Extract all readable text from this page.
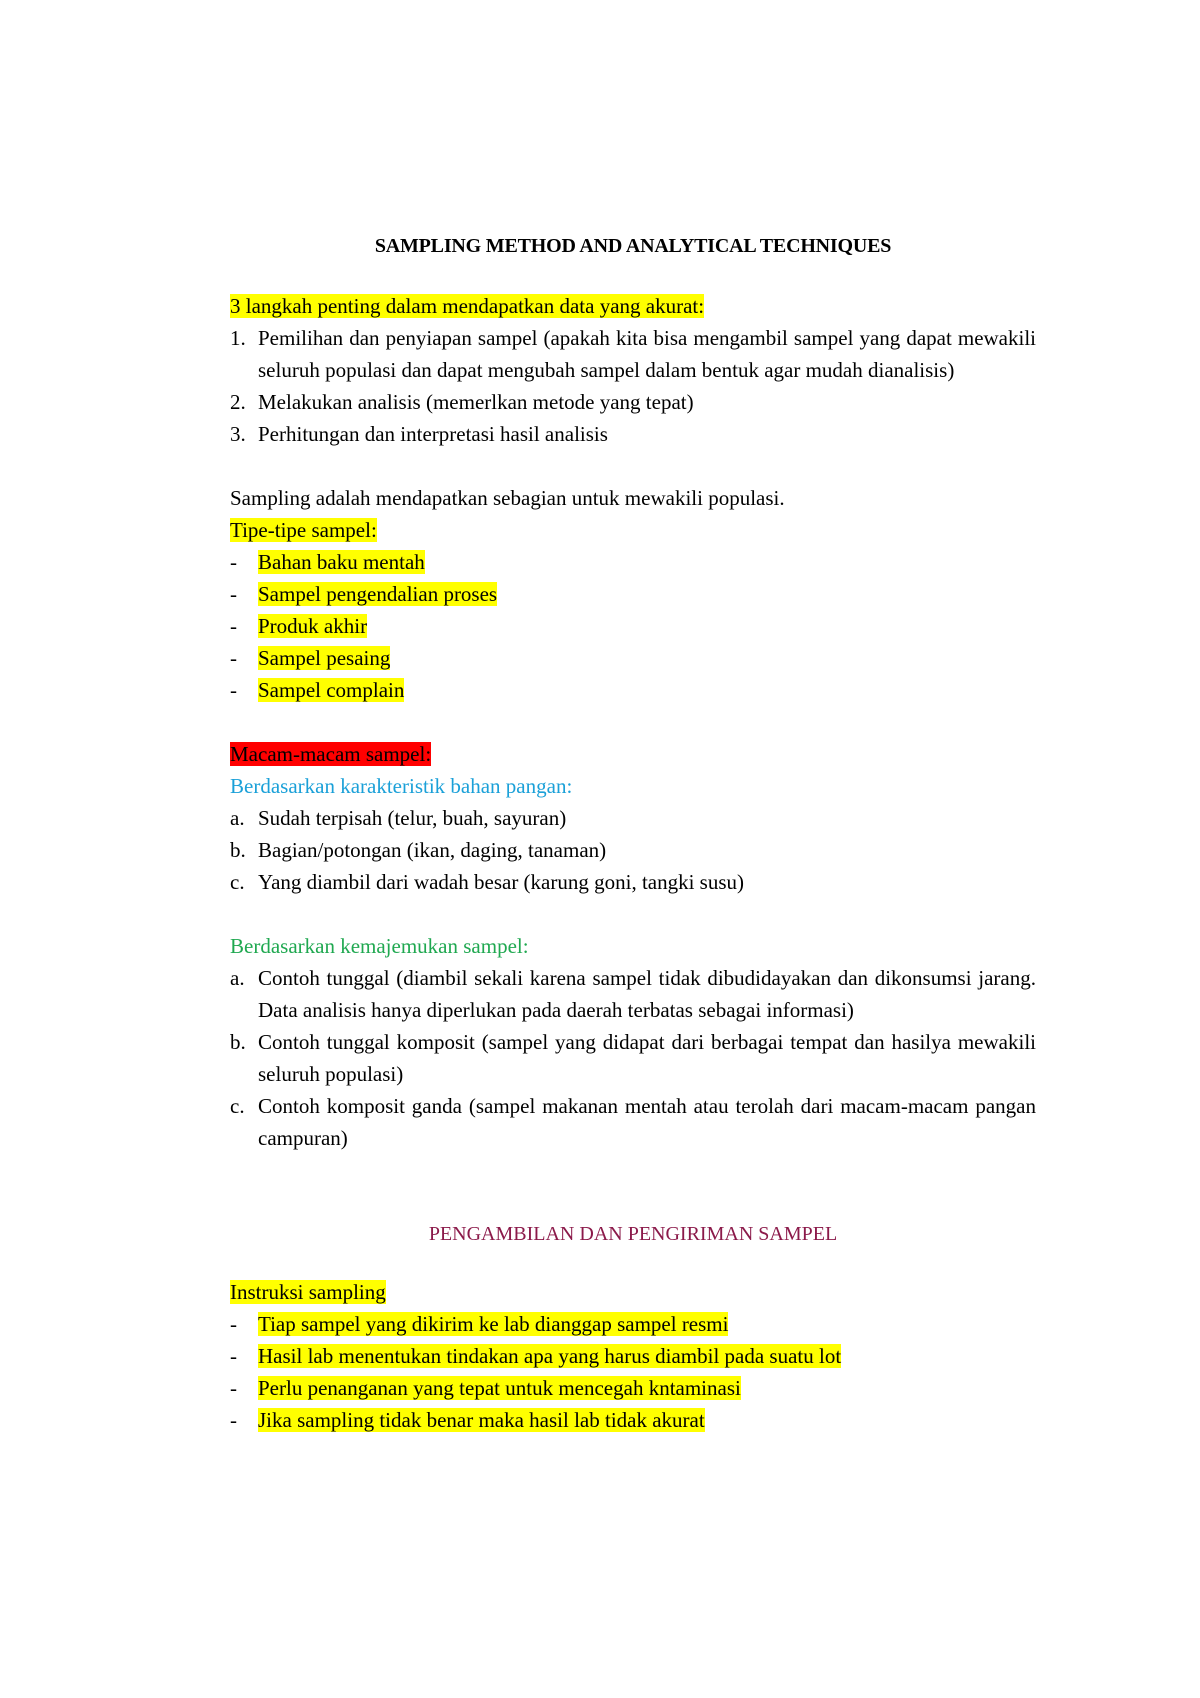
SAMPLING METHOD AND ANALYTICAL TECHNIQUES

3 langkah penting dalam mendapatkan data yang akurat:

1. Pemilihan dan penyiapan sampel (apakah kita bisa mengambil sampel yang dapat mewakili seluruh populasi dan dapat mengubah sampel dalam bentuk agar mudah dianalisis)
2. Melakukan analisis (memerlkan metode yang tepat)
3. Perhitungan dan interpretasi hasil analisis

Sampling adalah mendapatkan sebagian untuk mewakili populasi.

Tipe-tipe sampel:

- Bahan baku mentah
- Sampel pengendalian proses
- Produk akhir
- Sampel pesaing
- Sampel complain

Macam-macam sampel:

Berdasarkan karakteristik bahan pangan:

a. Sudah terpisah (telur, buah, sayuran)
b. Bagian/potongan (ikan, daging, tanaman)
c. Yang diambil dari wadah besar (karung goni, tangki susu)

Berdasarkan kemajemukan sampel:

a. Contoh tunggal (diambil sekali karena sampel tidak dibudidayakan dan dikonsumsi jarang. Data analisis hanya diperlukan pada daerah terbatas sebagai informasi)
b. Contoh tunggal komposit (sampel yang didapat dari berbagai tempat dan hasilya mewakili seluruh populasi)
c. Contoh komposit ganda (sampel makanan mentah atau terolah dari macam-macam pangan campuran)

PENGAMBILAN DAN PENGIRIMAN SAMPEL

Instruksi sampling

- Tiap sampel yang dikirim ke lab dianggap sampel resmi
- Hasil lab menentukan tindakan apa yang harus diambil pada suatu lot
- Perlu penanganan yang tepat untuk mencegah kntaminasi
- Jika sampling tidak benar maka hasil lab tidak akurat
